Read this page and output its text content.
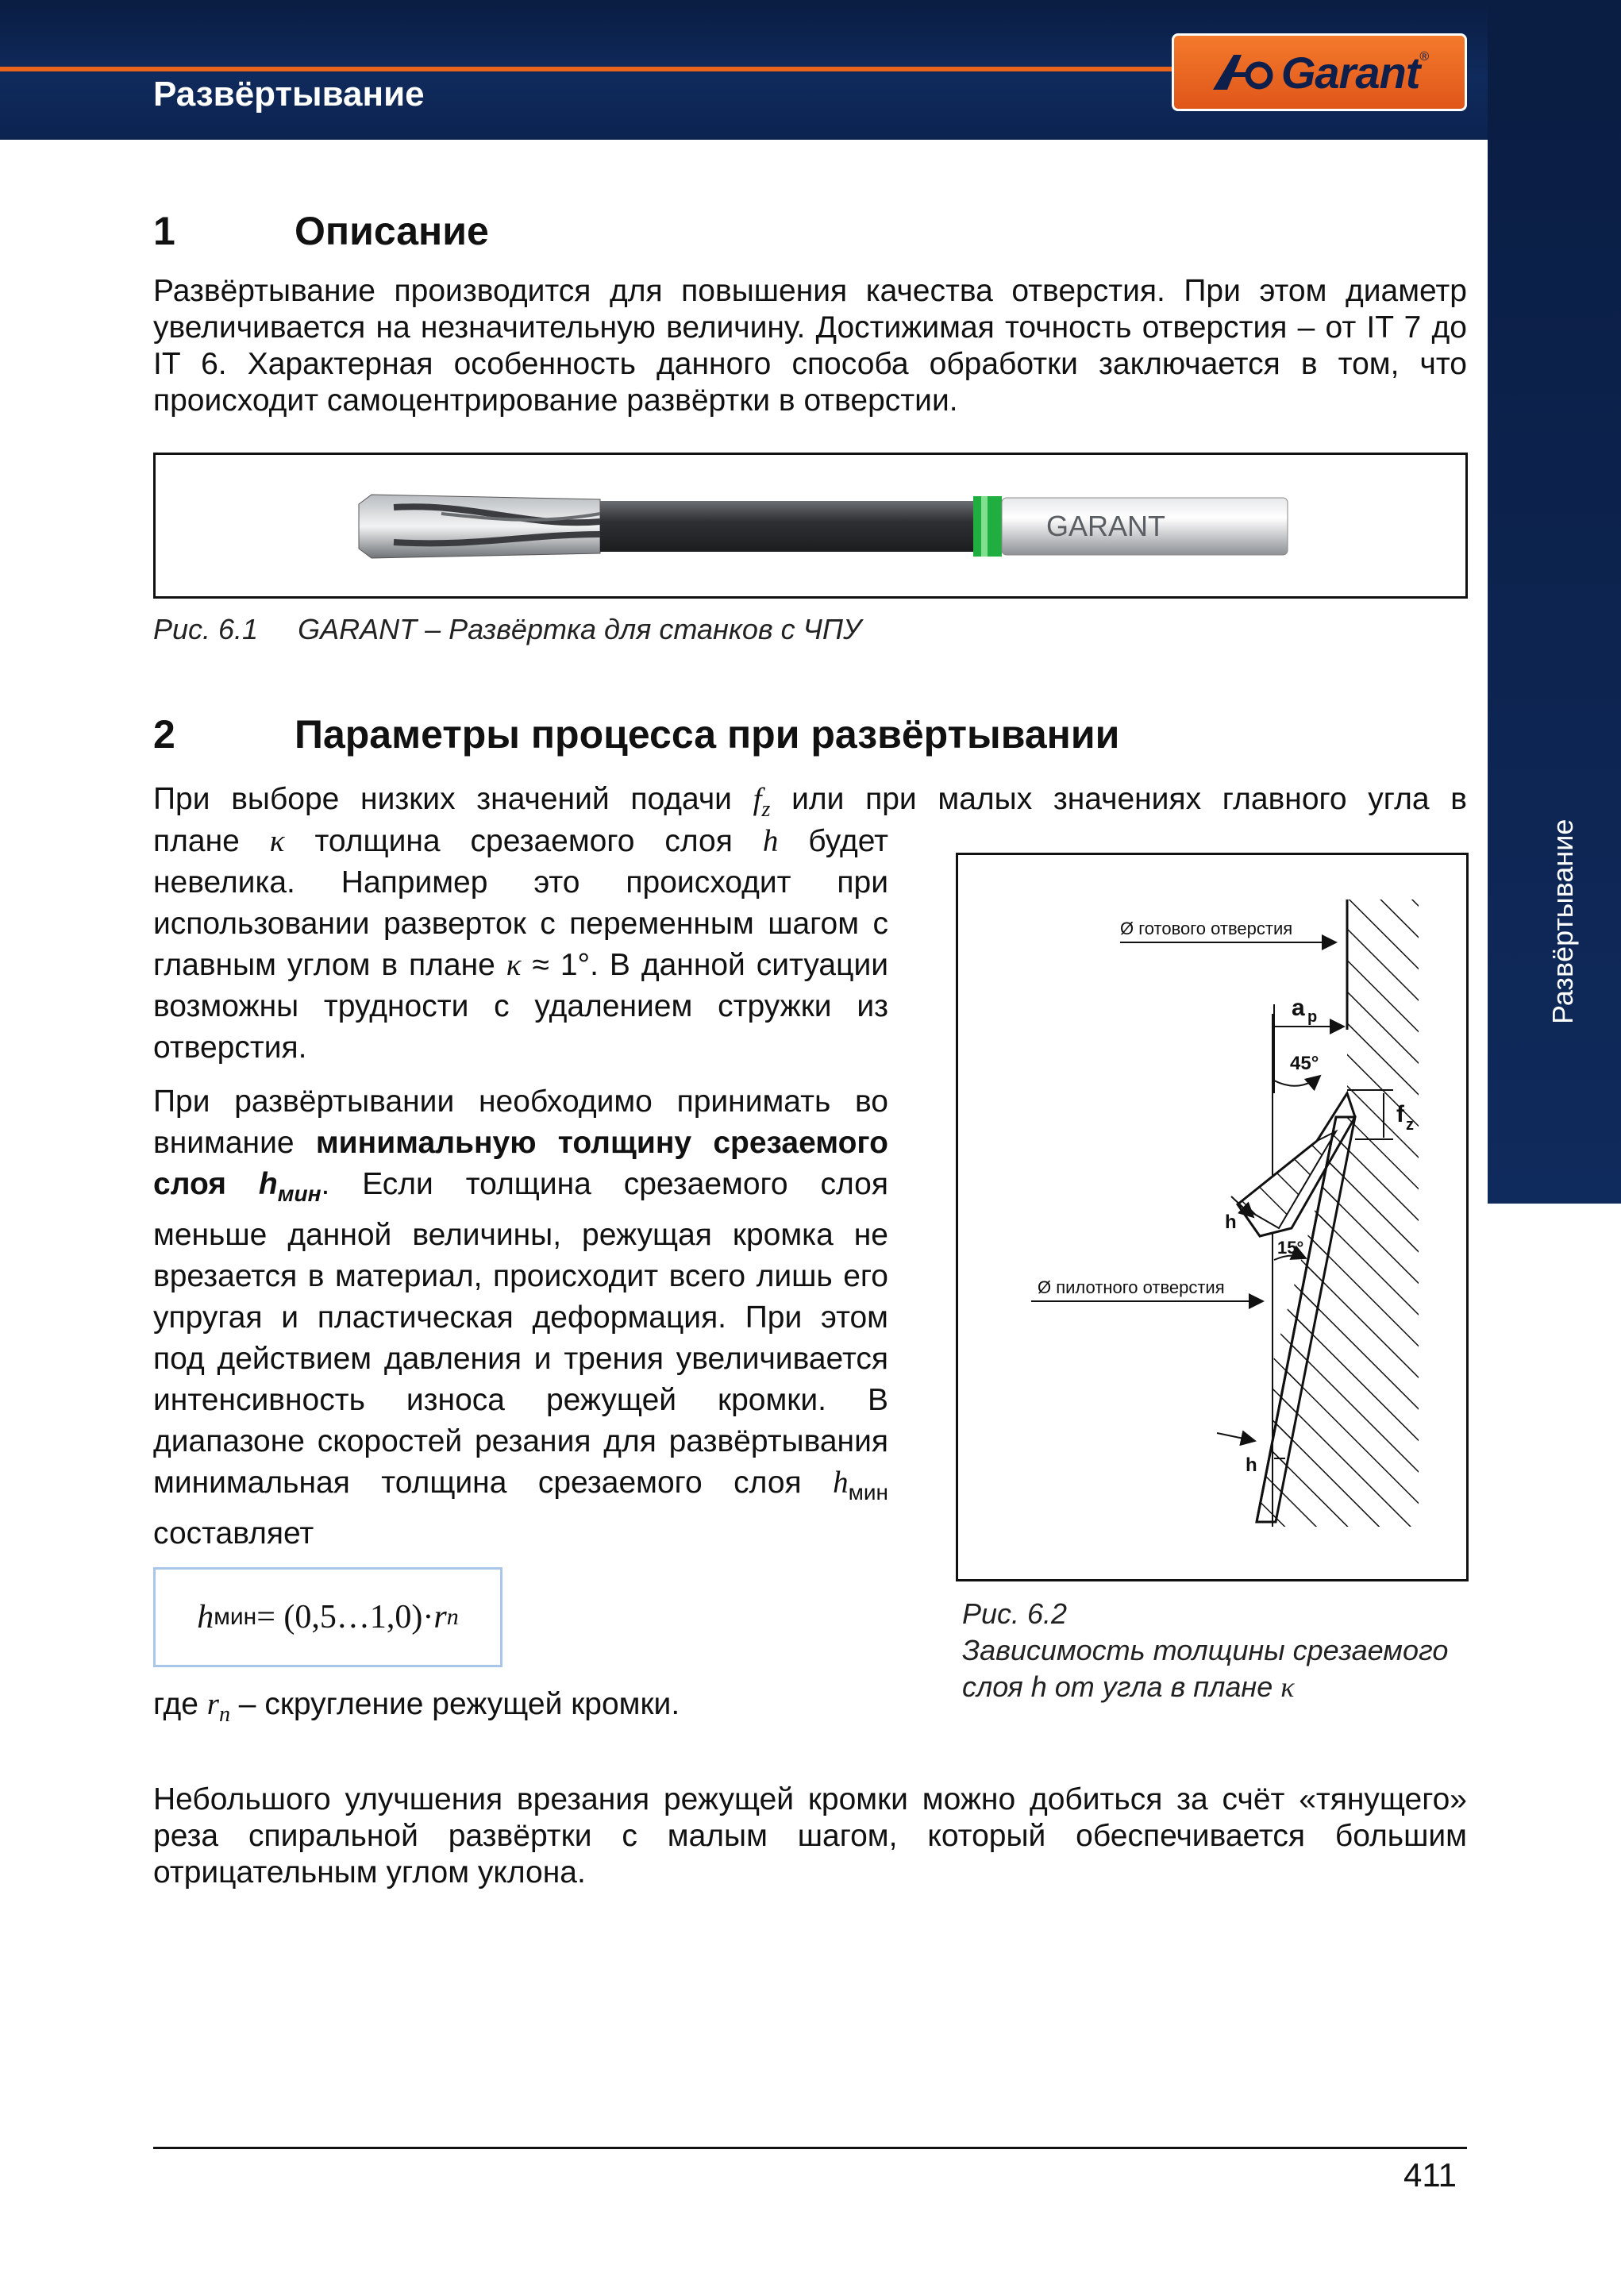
Развёртывание	Garant ®
Развёртывание
1	Описание

Развёртывание производится для повышения качества отверстия. При этом диаметр увеличивается на незначительную величину. Достижимая точность отверстия – от IT 7 до IT 6. Характерная особенность данного способа обработки заключается в том, что происходит самоцентрирование развёртки в отверстии.

GARANT
Рис. 6.1 GARANT – Развёртка для станков с ЧПУ
2	Параметры процесса при развёртывании

При выборе низких значений подачи $f_z$ или при малых значениях главного угла в

плане κ толщина срезаемого слоя h будет невелика. Например это происходит при использовании разверток с переменным шагом с главным углом в плане κ ≈ 1°. В данной ситуации возможны трудности с удалением стружки из отверстия.

При развёртывании необходимо принимать во внимание минимальную толщину срезаемого слоя $h_{мин}$. Если толщина срезаемого слоя меньше данной величины, режущая кромка не врезается в материал, происходит всего лишь его упругая и пластическая деформация. При этом под действием давления и трения увеличивается интенсивность износа режущей кромки. В диапазоне скоростей резания для развёртывания минимальная толщина срезаемого слоя $h_{мин}$ составляет

h мин = (0,5…1,0)· r n

где $r_n$ – скругление режущей кромки.

Ø готового отверстия
a p
45°
f z
h
15°
Ø пилотного отверстия
h
Рис. 6.2
Зависимость толщины срезаемого слоя h от угла в плане κ

Небольшого улучшения врезания режущей кромки можно добиться за счёт «тянущего» реза спиральной развёртки с малым шагом, который обеспечивается большим отрицательным углом уклона.

411
